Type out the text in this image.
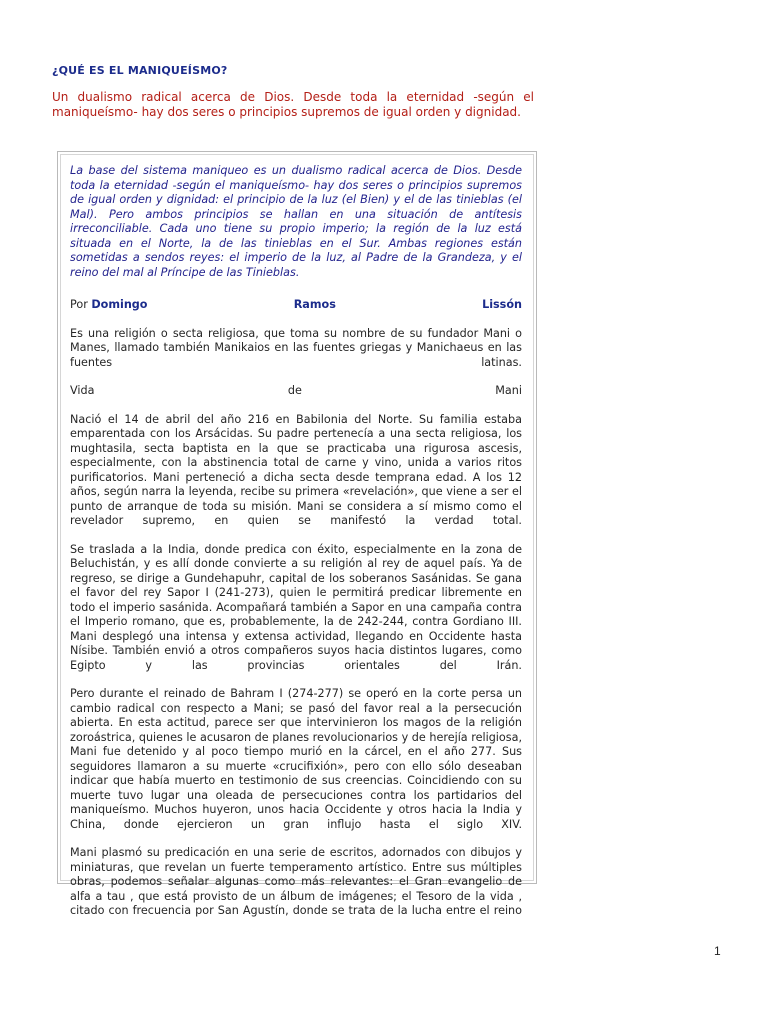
¿QUÉ ES EL MANIQUEÍSMO?
Un dualismo radical acerca de Dios. Desde toda la eternidad -según el maniqueísmo- hay dos seres o principios supremos de igual orden y dignidad.
La base del sistema maniqueo es un dualismo radical acerca de Dios. Desde toda la eternidad -según el maniqueísmo- hay dos seres o principios supremos de igual orden y dignidad: el principio de la luz (el Bien) y el de las tinieblas (el Mal). Pero ambos principios se hallan en una situación de antítesis irreconciliable. Cada uno tiene su propio imperio; la región de la luz está situada en el Norte, la de las tinieblas en el Sur. Ambas regiones están sometidas a sendos reyes: el imperio de la luz, al Padre de la Grandeza, y el reino del mal al Príncipe de las Tinieblas.
Por Domingo	Ramos	Lissón
Es una religión o secta religiosa, que toma su nombre de su fundador Mani o Manes, llamado también Manikaios en las fuentes griegas y Manichaeus en las fuentes latinas.
Vida	de	Mani
Nació el 14 de abril del año 216 en Babilonia del Norte. Su familia estaba emparentada con los Arsácidas. Su padre pertenecía a una secta religiosa, los mughtasila, secta baptista en la que se practicaba una rigurosa ascesis, especialmente, con la abstinencia total de carne y vino, unida a varios ritos purificatorios. Mani perteneció a dicha secta desde temprana edad. A los 12 años, según narra la leyenda, recibe su primera «revelación», que viene a ser el punto de arranque de toda su misión. Mani se considera a sí mismo como el revelador supremo, en quien se manifestó la verdad total.
Se traslada a la India, donde predica con éxito, especialmente en la zona de Beluchistán, y es allí donde convierte a su religión al rey de aquel país. Ya de regreso, se dirige a Gundehapuhr, capital de los soberanos Sasánidas. Se gana el favor del rey Sapor I (241-273), quien le permitirá predicar libremente en todo el imperio sasánida. Acompañará también a Sapor en una campaña contra el Imperio romano, que es, probablemente, la de 242-244, contra Gordiano III. Mani desplegó una intensa y extensa actividad, llegando en Occidente hasta Nísibe. También envió a otros compañeros suyos hacia distintos lugares, como Egipto y las provincias orientales del Irán.
Pero durante el reinado de Bahram I (274-277) se operó en la corte persa un cambio radical con respecto a Mani; se pasó del favor real a la persecución abierta. En esta actitud, parece ser que intervinieron los magos de la religión zoroástrica, quienes le acusaron de planes revolucionarios y de herejía religiosa, Mani fue detenido y al poco tiempo murió en la cárcel, en el año 277. Sus seguidores llamaron a su muerte «crucifixión», pero con ello sólo deseaban indicar que había muerto en testimonio de sus creencias. Coincidiendo con su muerte tuvo lugar una oleada de persecuciones contra los partidarios del maniqueísmo. Muchos huyeron, unos hacia Occidente y otros hacia la India y China, donde ejercieron un gran influjo hasta el siglo XIV.
Mani plasmó su predicación en una serie de escritos, adornados con dibujos y miniaturas, que revelan un fuerte temperamento artístico. Entre sus múltiples obras, podemos señalar algunas como más relevantes: el Gran evangelio de alfa a tau , que está provisto de un álbum de imágenes; el Tesoro de la vida , citado con frecuencia por San Agustín, donde se trata de la lucha entre el reino
1
